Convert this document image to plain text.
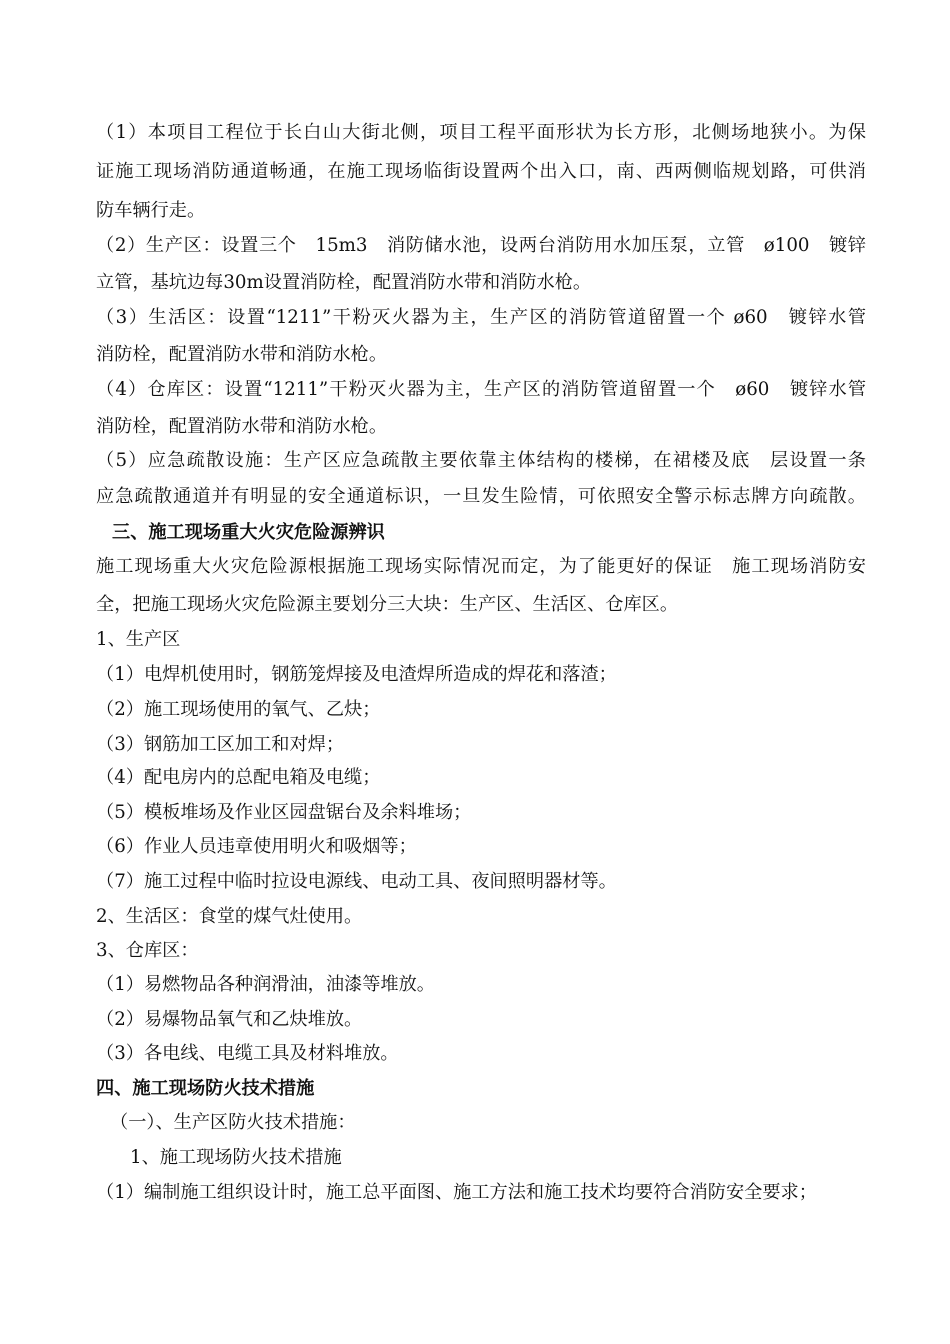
（1）本项目工程位于长白山大街北侧，项目工程平面形状为长方形，北侧场地狭小。为保
证施工现场消防通道畅通，在施工现场临街设置两个出入口，南、西两侧临规划路，可供消
防车辆行走。
（2）生产区：设置三个　15m3　消防储水池，设两台消防用水加压泵，立管　ø100　镀锌
立管，基坑边每30m设置消防栓，配置消防水带和消防水枪。
（3）生活区：设置“1211”干粉灭火器为主，生产区的消防管道留置一个 ø60　镀锌水管
消防栓，配置消防水带和消防水枪。
（4）仓库区：设置“1211”干粉灭火器为主，生产区的消防管道留置一个　ø60　镀锌水管
消防栓，配置消防水带和消防水枪。
（5）应急疏散设施：生产区应急疏散主要依靠主体结构的楼梯，在裙楼及底　层设置一条
应急疏散通道并有明显的安全通道标识，一旦发生险情，可依照安全警示标志牌方向疏散。
三、施工现场重大火灾危险源辨识
施工现场重大火灾危险源根据施工现场实际情况而定，为了能更好的保证　施工现场消防安
全，把施工现场火灾危险源主要划分三大块：生产区、生活区、仓库区。
1、生产区
（1）电焊机使用时，钢筋笼焊接及电渣焊所造成的焊花和落渣；
（2）施工现场使用的氧气、乙炔；
（3）钢筋加工区加工和对焊；
（4）配电房内的总配电箱及电缆；
（5）模板堆场及作业区园盘锯台及余料堆场；
（6）作业人员违章使用明火和吸烟等；
（7）施工过程中临时拉设电源线、电动工具、夜间照明器材等。
2、生活区：食堂的煤气灶使用。
3、仓库区：
（1）易燃物品各种润滑油，油漆等堆放。
（2）易爆物品氧气和乙炔堆放。
（3）各电线、电缆工具及材料堆放。
四、施工现场防火技术措施
（一）、生产区防火技术措施：
1、施工现场防火技术措施
（1）编制施工组织设计时，施工总平面图、施工方法和施工技术均要符合消防安全要求；
